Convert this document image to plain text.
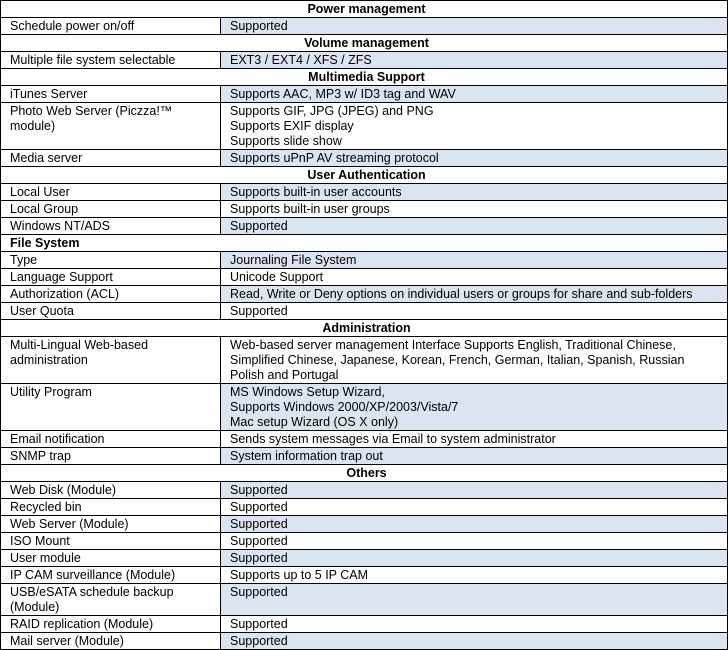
Power management	

Schedule power on/off	Supported

Volume management	

Multiple file system selectable	EXT3 / EXT4 / XFS / ZFS

Multimedia Support	

iTunes Server	Supports AAC, MP3 w/ ID3 tag and WAV

Photo Web Server (Piczza!™
module)	Supports GIF, JPG (JPEG) and PNG
Supports EXIF display
Supports slide show

Media server	Supports uPnP AV streaming protocol

User Authentication	

Local User	Supports built-in user accounts

Local Group	Supports built-in user groups

Windows NT/ADS	Supported

File System	

Type	Journaling File System

Language Support	Unicode Support

Authorization (ACL)	Read, Write or Deny options on individual users or groups for share and sub-folders

User Quota	Supported

Administration	

Multi-Lingual Web-based
administration	Web-based server management Interface Supports English, Traditional Chinese,
Simplified Chinese, Japanese, Korean, French, German, Italian, Spanish, Russian
Polish and Portugal

Utility Program	MS Windows Setup Wizard,
Supports Windows 2000/XP/2003/Vista/7
Mac setup Wizard (OS X only)

Email notification	Sends system messages via Email to system administrator

SNMP trap	System information trap out

Others	

Web Disk (Module)	Supported

Recycled bin	Supported

Web Server (Module)	Supported

ISO Mount	Supported

User module	Supported

IP CAM surveillance (Module)	Supports up to 5 IP CAM

USB/eSATA schedule backup
(Module)	Supported

RAID replication (Module)	Supported

Mail server (Module)	Supported
